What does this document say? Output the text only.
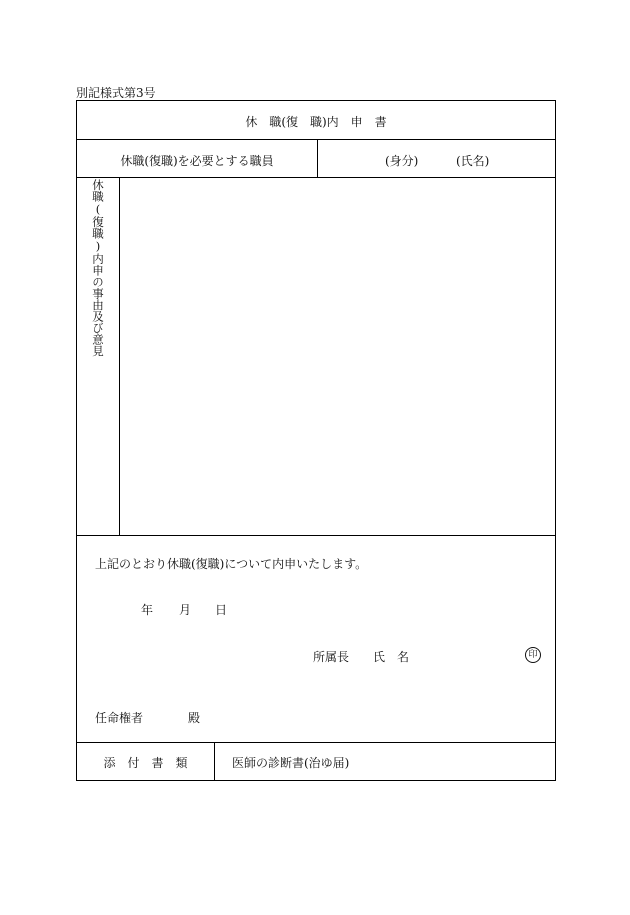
別記様式第3号
休　職(復　職)内　申　書
休職(復職)を必要とする職員	(身分)	(氏名)
休職(復職)内申の事由及び意見
上記のとおり休職(復職)について内申いたします。
年 月 日
所属長 氏　名	印
任命権者	殿
添　付　書　類	医師の診断書(治ゆ届)
